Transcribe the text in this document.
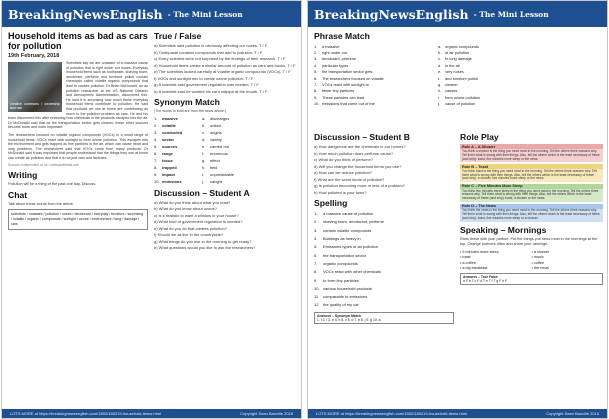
BreakingNewsEnglish - The Mini Lesson
Household items as bad as cars for pollution
19th February, 2018
creative commons / ownership and use

Scientists say we are unaware of a massive cause of pollution that is right under our noses. Everyday household items such as toothpaste, shaving foam, deodorant, perfume and furniture polish contain chemicals called volatile organic compounds that lead to causes pollution. Dr Brian McDonald, an air pollution researcher at the US National Oceanic and Atmospheric Administration, discovered this. He said it is surprising how much these everyday household items contribute to pollution. He said that products we use at home are contributing as much to the pollution problem as cars. He and his team discovered this after reviewing how chemicals in the products escaped into the air. Dr McDonald said that as the transportation sector gets cleaner, these other sources become more and more important.

The researchers focused on volatile organic compounds (VOCs) in a small range of household items. VOCs react with sunlight to form ozone pollution. This escapes into the environment and gets trapped as fine particles in the air, which can cause heart and lung problems. The researchers said that VOCs come from many products. Dr McDonald said it was important that people understand that the things they use at home can create air pollution and that it is not just cars and factories.

Sources: independent.co.uk / wattsupwiththat.com
Writing
Pollution will be a thing of the past one day. Discuss.
Chat
Talk about these words from the article.
scientists / unaware / pollution / noses / deodorant / everyday / furniture / surprising / volatile / organic / compounds / sunlight / ozone / environment / lung / damage / cars
True / False
a) Scientists said pollution is obviously affecting our noses. T / F
b) Toothpaste contains compounds that add to pollution. T / F
c) Every scientist were not surprised by the findings of their research. T / F
d) Household items create a similar amount of pollution as cars and trucks. T / F
e) The scientists looked carefully at volatile organic compounds (VOCs). T / F
f) VOCs and sunlight mix to create ozone pollution. T / F
g) A scientist said government regulation was needed. T / F
h) A scientist said he wanted his car's tailpipe at the mouth. T / F
Synonym Match
(The words in bold are from the news article.)
1.	massive	a.	discharges
2.	volatile	b.	united
3.	conducted	c.	origins
4.	sector	d.	variety
5.	sources	e.	carried out
6.	range	f.	enormous
7.	focus	g.	effect
8.	trapped	h.	field
9.	impact	i.	unpredictable
10. emissions	j.	caught
Discussion – Student A
a) What do you think about what you read?
b) What do you know about ozone?
c) Is it realistic to want a window in your house?
d) What kind of government regulation is needed?
e) What do you do that creates pollution?
f) Should we all live in the countryside?
g) What things do you use in the morning to get ready?
h) What questions would you like to ask the researchers?
LOTS MORE at https://breakingnewsenglish.com/1802/180219-household-items.html	Copyright Sean Banville 2018
BreakingNewsEnglish - The Mini Lesson
Phrase Match
1.	a massive	a. organic compounds
2.	right under our	b. of air pollution
3.	deodorant, perfume	c.	to lung damage
4.	particular types	d. in the air
5.	the transportation sector gets	e. very noses
6.	The researchers focused on volatile	f.	and furniture polish
7.	VOCs react with sunlight to	g. cleaner
8.	fewer tiny particles	h. causes
9.	These particles can lead	i.	form ozone pollution
10. emissions that come out of the	j.	cause of pollution
Discussion – Student B
a) How dangerous are the chemicals in our homes?
b) How much pollution does perfume cause?
c) What do you think of perfume?
d) Will you change the household items you use?
e) How can we reduce pollution?
f) What are the worst kinds of pollution?
g) Is pollution becoming more or less of a problem?
h) How polluted is your town?
Spelling
1.	a massive cause of pollution
2.	shaving foam, deodorant, perfume
3.	contain volatile compounds
4.	Buildings as heavy in
5.	Emissions types of air pollution
6.	the transportation sector
7.	organic compounds
8.	VOCs react with other chemicals
9.	to form tiny particles
10. various household products
11. comparable to emissions
12. the quality of my car
Answers – Synonym Match
1. f 2. i 3. e 4. h 5. c 6. d 7. b 8. j 9. g 10. a
Role Play
Role A – A Shower
You think a shower is the thing you need most in the morning. Tell the others three reasons why. Tell them what is wrong with their things. Also, tell the others which is the least necessary of these (and why): toast, five minutes more sleep or the news.
Role B – Toast
You think toast is the thing you need most in the morning. Tell the others three reasons why. Tell them what is wrong with their things. Also, tell the others which is the least necessary of these (and why): a shower, five minutes more sleep or the news.
Role C – Five Minutes More Sleep
You think five minutes more sleep is the thing you need most in the morning. Tell the others three reasons why. Tell them what is wrong with their things. Also, tell the others which is the least necessary of these (and why): toast, a shower or the news.
Role D – The News
You think the news is the thing you need most in the morning. Tell the others three reasons why. Tell them what is wrong with their things. Also, tell the others which is the least necessary of these (and why): toast, five minutes more sleep or a shower.
Speaking – Mornings
Rank these with your partner. Put the things you need most in the mornings at the top. Change partners often and share your rankings.
• 5 minutes more sleep	• a shower
• toast	• music
• a coffee	• coffee
• a big breakfast	• the news
Answers – True False
a F b T c F d T e T f T g F h F
LOTS MORE at https://breakingnewsenglish.com/1802/180219-household-items.html	Copyright Sean Banville 2018
